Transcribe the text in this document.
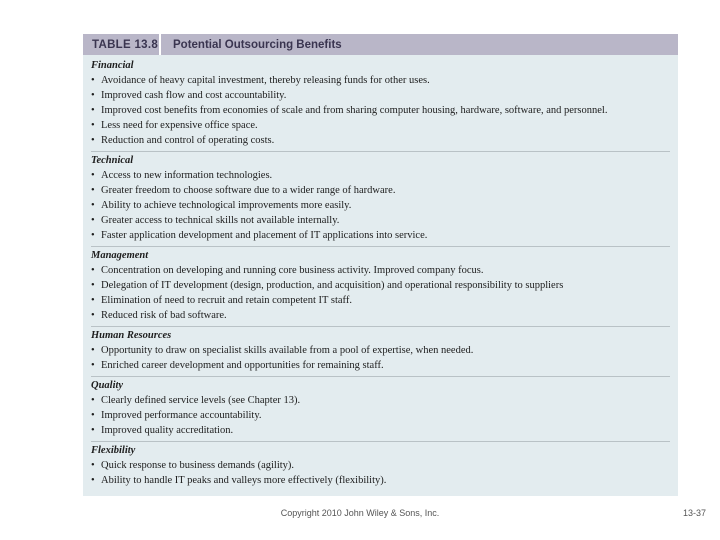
TABLE 13.8	Potential Outsourcing Benefits
Financial
• Avoidance of heavy capital investment, thereby releasing funds for other uses.
• Improved cash flow and cost accountability.
• Improved cost benefits from economies of scale and from sharing computer housing, hardware, software, and personnel.
• Less need for expensive office space.
• Reduction and control of operating costs.
Technical
• Access to new information technologies.
• Greater freedom to choose software due to a wider range of hardware.
• Ability to achieve technological improvements more easily.
• Greater access to technical skills not available internally.
• Faster application development and placement of IT applications into service.
Management
• Concentration on developing and running core business activity. Improved company focus.
• Delegation of IT development (design, production, and acquisition) and operational responsibility to suppliers
• Elimination of need to recruit and retain competent IT staff.
• Reduced risk of bad software.
Human Resources
• Opportunity to draw on specialist skills available from a pool of expertise, when needed.
• Enriched career development and opportunities for remaining staff.
Quality
• Clearly defined service levels (see Chapter 13).
• Improved performance accountability.
• Improved quality accreditation.
Flexibility
• Quick response to business demands (agility).
• Ability to handle IT peaks and valleys more effectively (flexibility).
Copyright 2010 John Wiley & Sons, Inc.	13-37
